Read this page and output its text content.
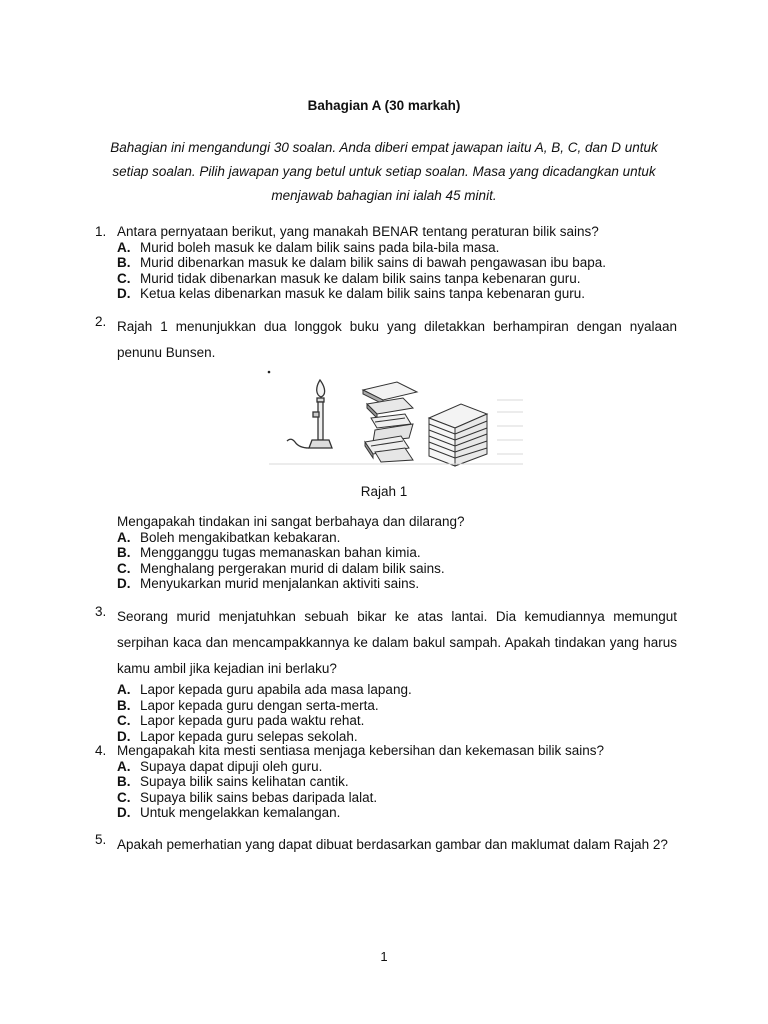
Bahagian A (30 markah)
Bahagian ini mengandungi 30 soalan. Anda diberi empat jawapan iaitu A, B, C, dan D untuk setiap soalan. Pilih jawapan yang betul untuk setiap soalan. Masa yang dicadangkan untuk menjawab bahagian ini ialah 45 minit.
1. Antara pernyataan berikut, yang manakah BENAR tentang peraturan bilik sains?
A. Murid boleh masuk ke dalam bilik sains pada bila-bila masa.
B. Murid dibenarkan masuk ke dalam bilik sains di bawah pengawasan ibu bapa.
C. Murid tidak dibenarkan masuk ke dalam bilik sains tanpa kebenaran guru.
D. Ketua kelas dibenarkan masuk ke dalam bilik sains tanpa kebenaran guru.
2. Rajah 1 menunjukkan dua longgok buku yang diletakkan berhampiran dengan nyalaan penunu Bunsen.
Rajah 1
Mengapakah tindakan ini sangat berbahaya dan dilarang?
A. Boleh mengakibatkan kebakaran.
B. Mengganggu tugas memanaskan bahan kimia.
C. Menghalang pergerakan murid di dalam bilik sains.
D. Menyukarkan murid menjalankan aktiviti sains.
3. Seorang murid menjatuhkan sebuah bikar ke atas lantai. Dia kemudiannya memungut serpihan kaca dan mencampakkannya ke dalam bakul sampah. Apakah tindakan yang harus kamu ambil jika kejadian ini berlaku?
A. Lapor kepada guru apabila ada masa lapang.
B. Lapor kepada guru dengan serta-merta.
C. Lapor kepada guru pada waktu rehat.
D. Lapor kepada guru selepas sekolah.
4. Mengapakah kita mesti sentiasa menjaga kebersihan dan kekemasan bilik sains?
A. Supaya dapat dipuji oleh guru.
B. Supaya bilik sains kelihatan cantik.
C. Supaya bilik sains bebas daripada lalat.
D. Untuk mengelakkan kemalangan.
5. Apakah pemerhatian yang dapat dibuat berdasarkan gambar dan maklumat dalam Rajah 2?
1
